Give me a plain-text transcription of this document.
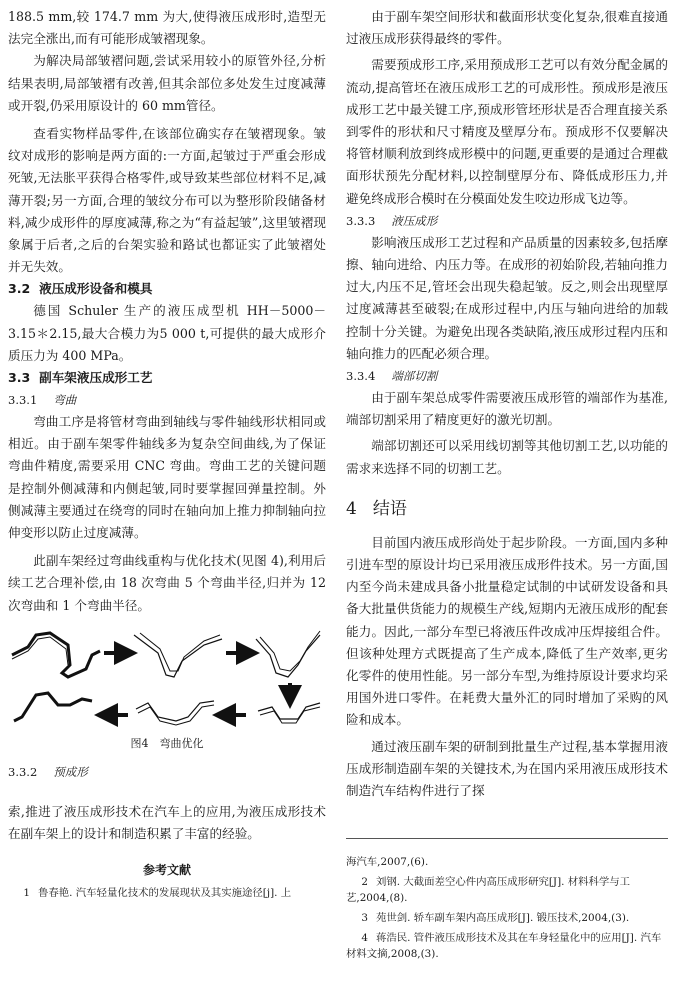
188.5 mm,较 174.7 mm 为大,使得液压成形时,造型无法完全涨出,而有可能形成皱褶现象。

为解决局部皱褶问题,尝试采用较小的原管外径,分析结果表明,局部皱褶有改善,但其余部位多处发生过度减薄或开裂,仍采用原设计的 60 mm管径。

查看实物样品零件,在该部位确实存在皱褶现象。皱纹对成形的影响是两方面的:一方面,起皱过于严重会形成死皱,无法胀平获得合格零件,或导致某些部位材料不足,减薄开裂;另一方面,合理的皱纹分布可以为整形阶段储备材料,减少成形件的厚度减薄,称之为“有益起皱”,这里皱褶现象属于后者,之后的台架实验和路试也都证实了此皱褶处并无失效。

3.2 液压成形设备和模具

德国 Schuler 生产的液压成型机 HH－5000－3.15＊2.15,最大合模力为5 000 t,可提供的最大成形介质压力为 400 MPa。

3.3 副车架液压成形工艺
3.3.1 弯曲

弯曲工序是将管材弯曲到轴线与零件轴线形状相同或相近。由于副车架零件轴线多为复杂空间曲线,为了保证弯曲件精度,需要采用 CNC 弯曲。弯曲工艺的关键问题是控制外侧减薄和内侧起皱,同时要掌握回弹量控制。外侧减薄主要通过在绕弯的同时在轴向加上推力抑制轴向拉伸变形以防止过度减薄。

此副车架经过弯曲线重构与优化技术(见图 4),利用后续工艺合理补偿,由 18 次弯曲 5 个弯曲半径,归并为 12 次弯曲和 1 个弯曲半径。

图4　弯曲优化
3.3.2 预成形

索,推进了液压成形技术在汽车上的应用,为液压成形技术在副车架上的设计和制造积累了丰富的经验。

参考文献
1 鲁春艳. 汽车轻量化技术的发展现状及其实施途径[j]. 上

由于副车架空间形状和截面形状变化复杂,很难直接通过液压成形获得最终的零件。

需要预成形工序,采用预成形工艺可以有效分配金属的流动,提高管坯在液压成形工艺的可成形性。预成形是液压成形工艺中最关键工序,预成形管坯形状是否合理直接关系到零件的形状和尺寸精度及壁厚分布。预成形不仅要解决将管材顺利放到终成形模中的问题,更重要的是通过合理截面形状预先分配材料,以控制壁厚分布、降低成形压力,并避免终成形合模时在分模面处发生咬边形成飞边等。

3.3.3 液压成形

影响液压成形工艺过程和产品质量的因素较多,包括摩擦、轴向进给、内压力等。在成形的初始阶段,若轴向推力过大,内压不足,管坯会出现失稳起皱。反之,则会出现壁厚过度减薄甚至破裂;在成形过程中,内压与轴向进给的加载控制十分关键。为避免出现各类缺陷,液压成形过程内压和轴向推力的匹配必须合理。

3.3.4 端部切割

由于副车架总成零件需要液压成形管的端部作为基准,端部切割采用了精度更好的激光切割。

端部切割还可以采用线切割等其他切割工艺,以功能的需求来选择不同的切割工艺。

4 结语

目前国内液压成形尚处于起步阶段。一方面,国内多种引进车型的原设计均已采用液压成形件技术。另一方面,国内至今尚未建成具备小批量稳定试制的中试研发设备和具备大批量供货能力的规模生产线,短期内无液压成形的配套能力。因此,一部分车型已将液压件改成冲压焊接组合件。但该种处理方式既提高了生产成本,降低了生产效率,更劣化零件的使用性能。另一部分车型,为维持原设计要求均采用国外进口零件。在耗费大量外汇的同时增加了采购的风险和成本。

通过液压副车架的研制到批量生产过程,基本掌握用液压成形制造副车架的关键技术,为在国内采用液压成形技术制造汽车结构件进行了探

海汽车,2007,(6).
2 刘钢. 大截面差空心件内高压成形研究[J]. 材料科学与工艺,2004,(8).
3 苑世剑. 轿车副车架内高压成形[J]. 锻压技术,2004,(3).
4 蒋浩民. 管件液压成形技术及其在车身轻量化中的应用[J]. 汽车材料文摘,2008,(3).
